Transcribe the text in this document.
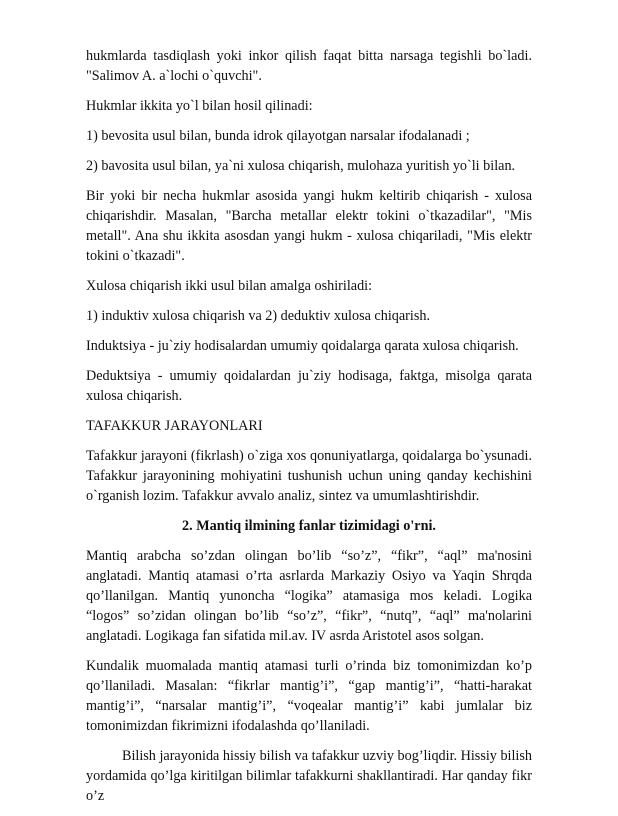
hukmlarda tasdiqlash yoki inkor qilish faqat bitta narsaga tegishli bo`ladi. "Salimov A. a`lochi o`quvchi".

Hukmlar ikkita yo`l bilan hosil qilinadi:

1) bevosita usul bilan, bunda idrok qilayotgan narsalar ifodalanadi ;

2) bavosita usul bilan, ya`ni xulosa chiqarish, mulohaza yuritish yo`li bilan.

Bir yoki bir necha hukmlar asosida yangi hukm keltirib chiqarish - xulosa chiqarishdir. Masalan, "Barcha metallar elektr tokini o`tkazadilar", "Mis metall". Ana shu ikkita asosdan yangi hukm - xulosa chiqariladi, "Mis elektr tokini o`tkazadi".

Xulosa chiqarish ikki usul bilan amalga oshiriladi:

1) induktiv xulosa chiqarish va 2) deduktiv xulosa chiqarish.

Induktsiya - ju`ziy hodisalardan umumiy qoidalarga qarata xulosa chiqarish.

Deduktsiya - umumiy qoidalardan ju`ziy hodisaga, faktga, misolga qarata xulosa chiqarish.

TAFAKKUR JARAYONLARI

Tafakkur jarayoni (fikrlash) o`ziga xos qonuniyatlarga, qoidalarga bo`ysunadi. Tafakkur jarayonining mohiyatini tushunish uchun uning qanday kechishini o`rganish lozim. Tafakkur avvalo analiz, sintez va umumlashtirishdir.

2. Mantiq ilmining fanlar tizimidagi o'rni.

Mantiq arabcha so’zdan olingan bo’lib “so’z”, “fikr”, “aql” ma'nosini anglatadi. Mantiq atamasi o’rta asrlarda Markaziy Osiyo va Yaqin Shrqda qo’llanilgan. Mantiq yunoncha “logika” atamasiga mos keladi. Logika “logos” so’zidan olingan bo’lib “so’z”, “fikr”, “nutq”, “aql” ma'nolarini anglatadi. Logikaga fan sifatida mil.av. IV asrda Aristotel asos solgan.

Kundalik muomalada mantiq atamasi turli o’rinda biz tomonimizdan ko’p qo’llaniladi. Masalan: “fikrlar mantig’i”, “gap mantig’i”, “hatti-harakat mantig’i”, “narsalar mantig’i”, “voqealar mantig’i” kabi jumlalar biz tomonimizdan fikrimizni ifodalashda qo’llaniladi.

Bilish jarayonida hissiy bilish va tafakkur uzviy bog’liqdir. Hissiy bilish yordamida qo’lga kiritilgan bilimlar tafakkurni shakllantiradi. Har qanday fikr o’z
